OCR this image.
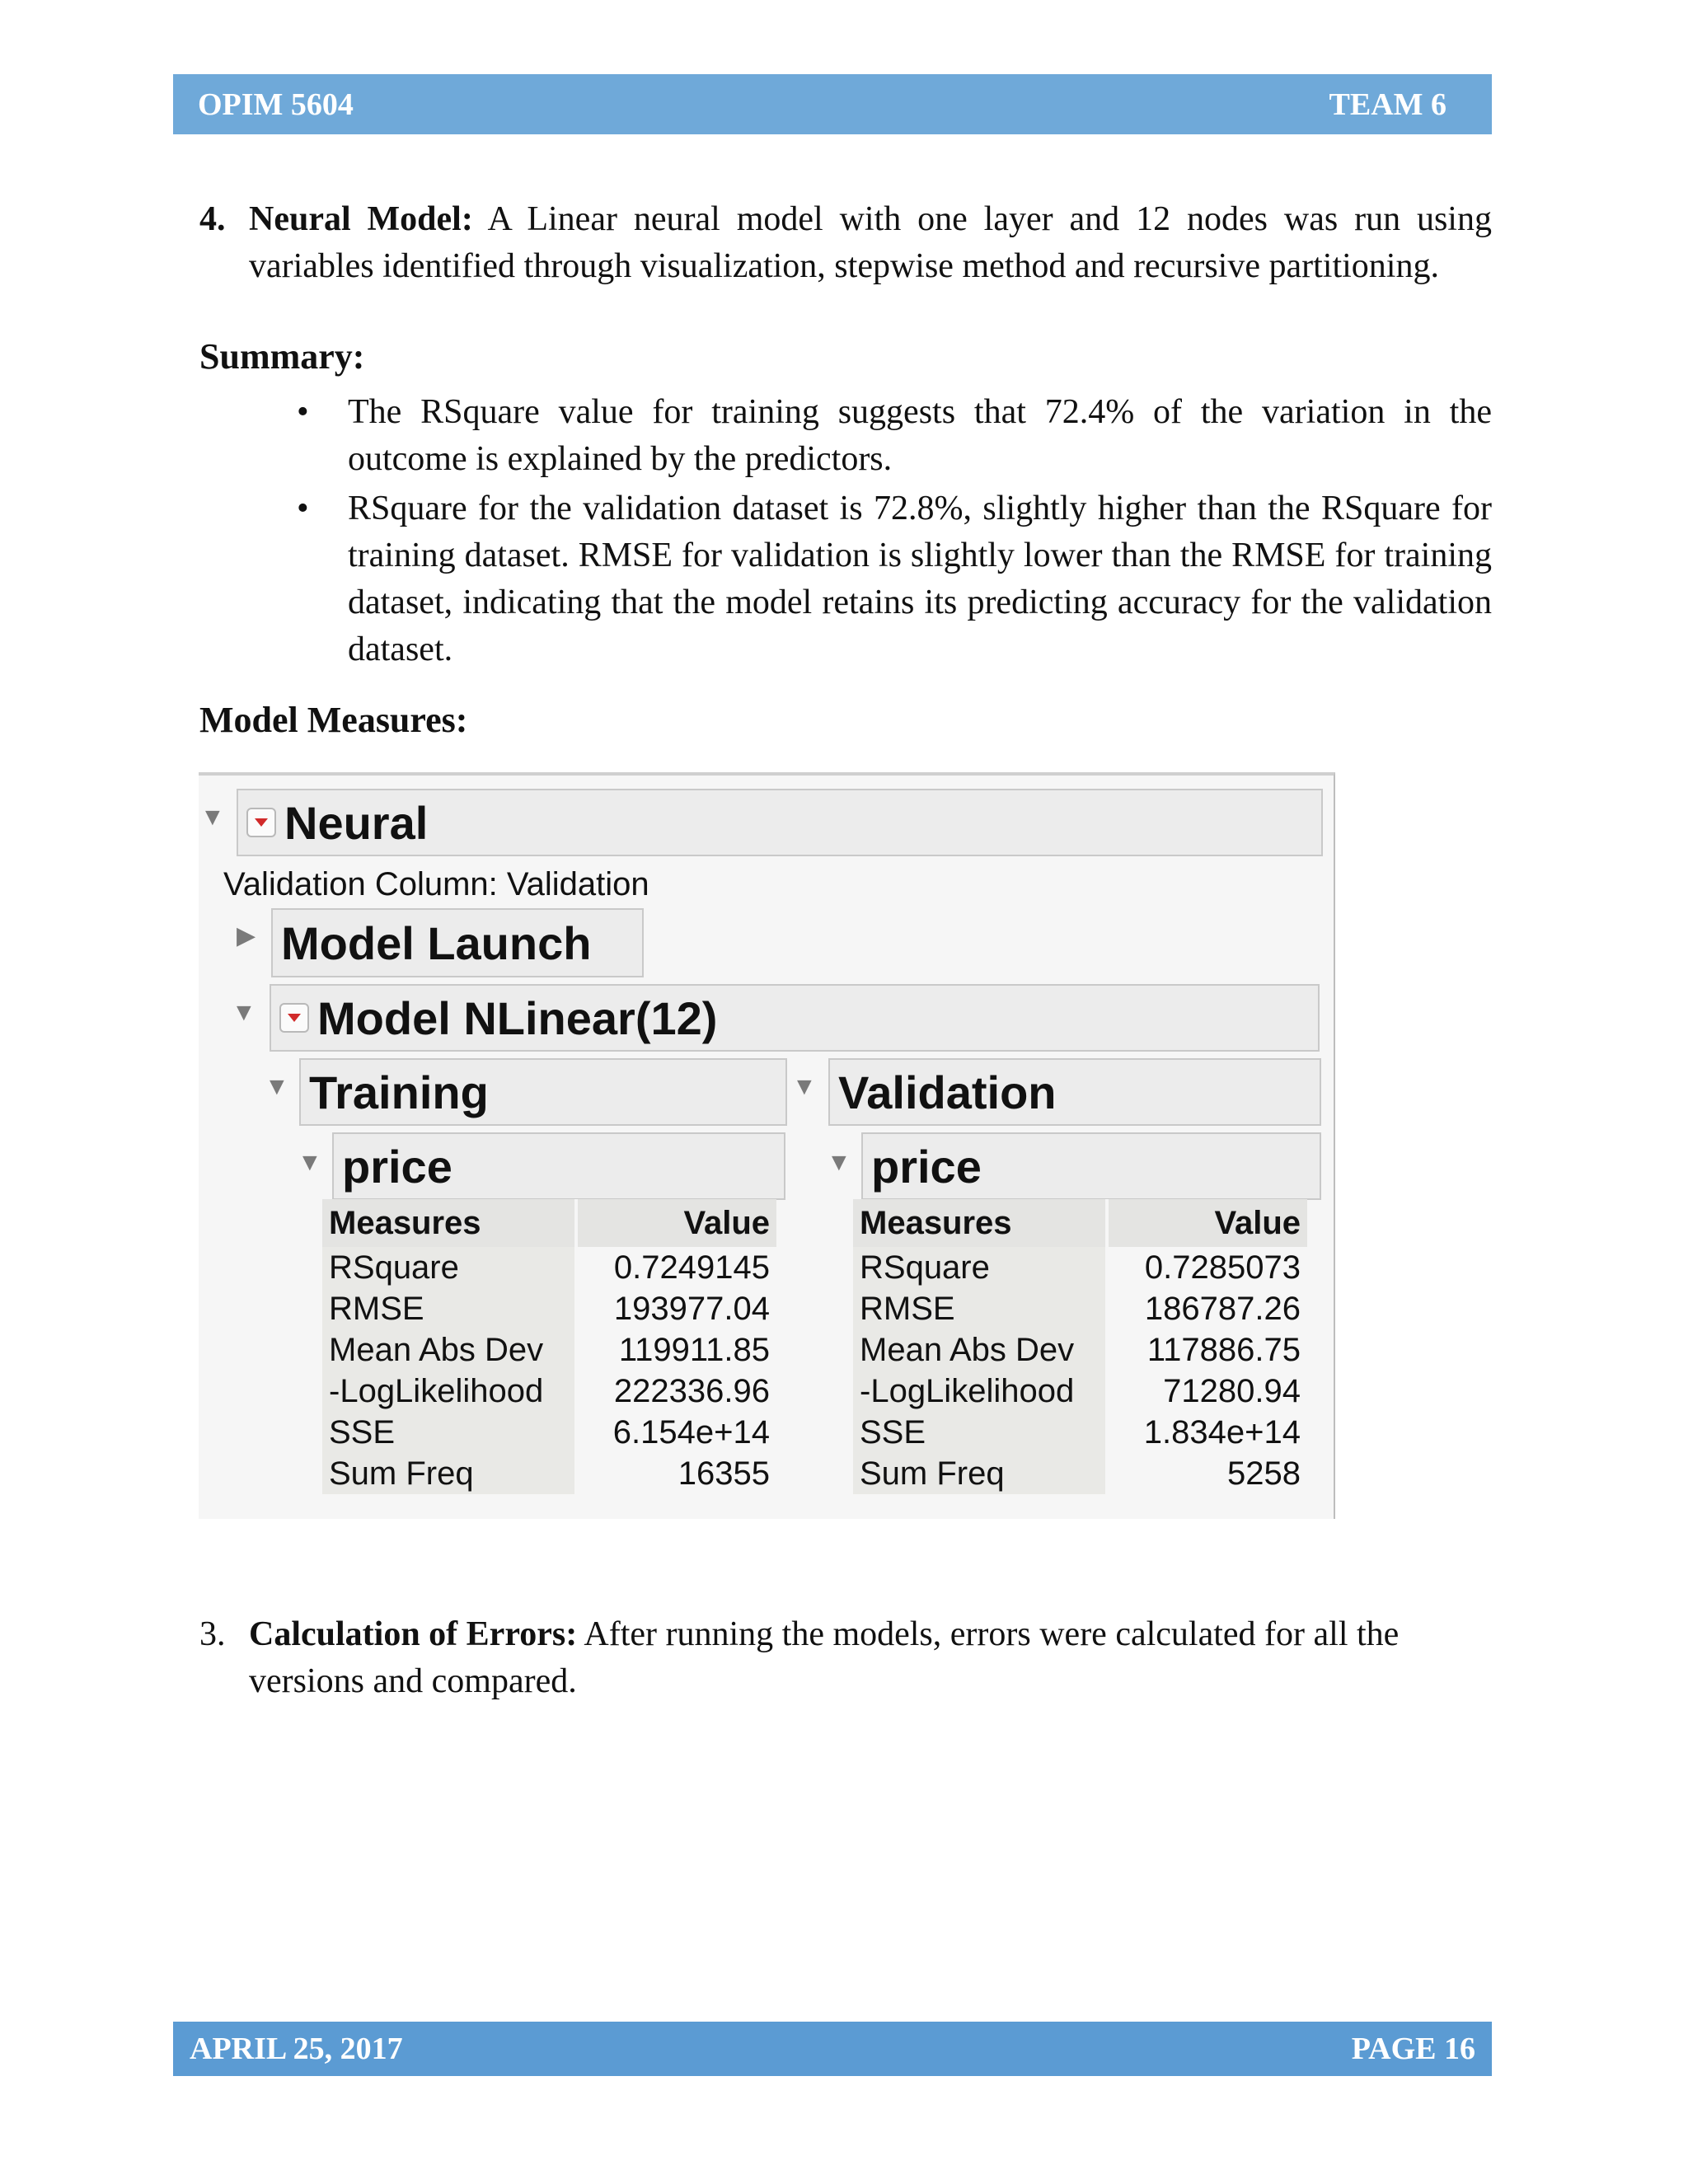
OPIM 5604	TEAM 6
4. Neural Model: A Linear neural model with one layer and 12 nodes was run using variables identified through visualization, stepwise method and recursive partitioning.
Summary:
• The RSquare value for training suggests that 72.4% of the variation in the outcome is explained by the predictors.
• RSquare for the validation dataset is 72.8%, slightly higher than the RSquare for training dataset. RMSE for validation is slightly lower than the RMSE for training dataset, indicating that the model retains its predicting accuracy for the validation dataset.
Model Measures:
▼ Neural
Validation Column: Validation
▶ Model Launch
▼ Model NLinear(12)
▼ Training
▼ price
Measures	Value
RSquare	0.7249145
RMSE	193977.04
Mean Abs Dev	119911.85
-LogLikelihood	222336.96
SSE	6.154e+14
Sum Freq	16355
▼ Validation
▼ price
Measures	Value
RSquare	0.7285073
RMSE	186787.26
Mean Abs Dev	117886.75
-LogLikelihood	71280.94
SSE	1.834e+14
Sum Freq	5258
3. Calculation of Errors: After running the models, errors were calculated for all the versions and compared.
APRIL 25, 2017	PAGE 16
